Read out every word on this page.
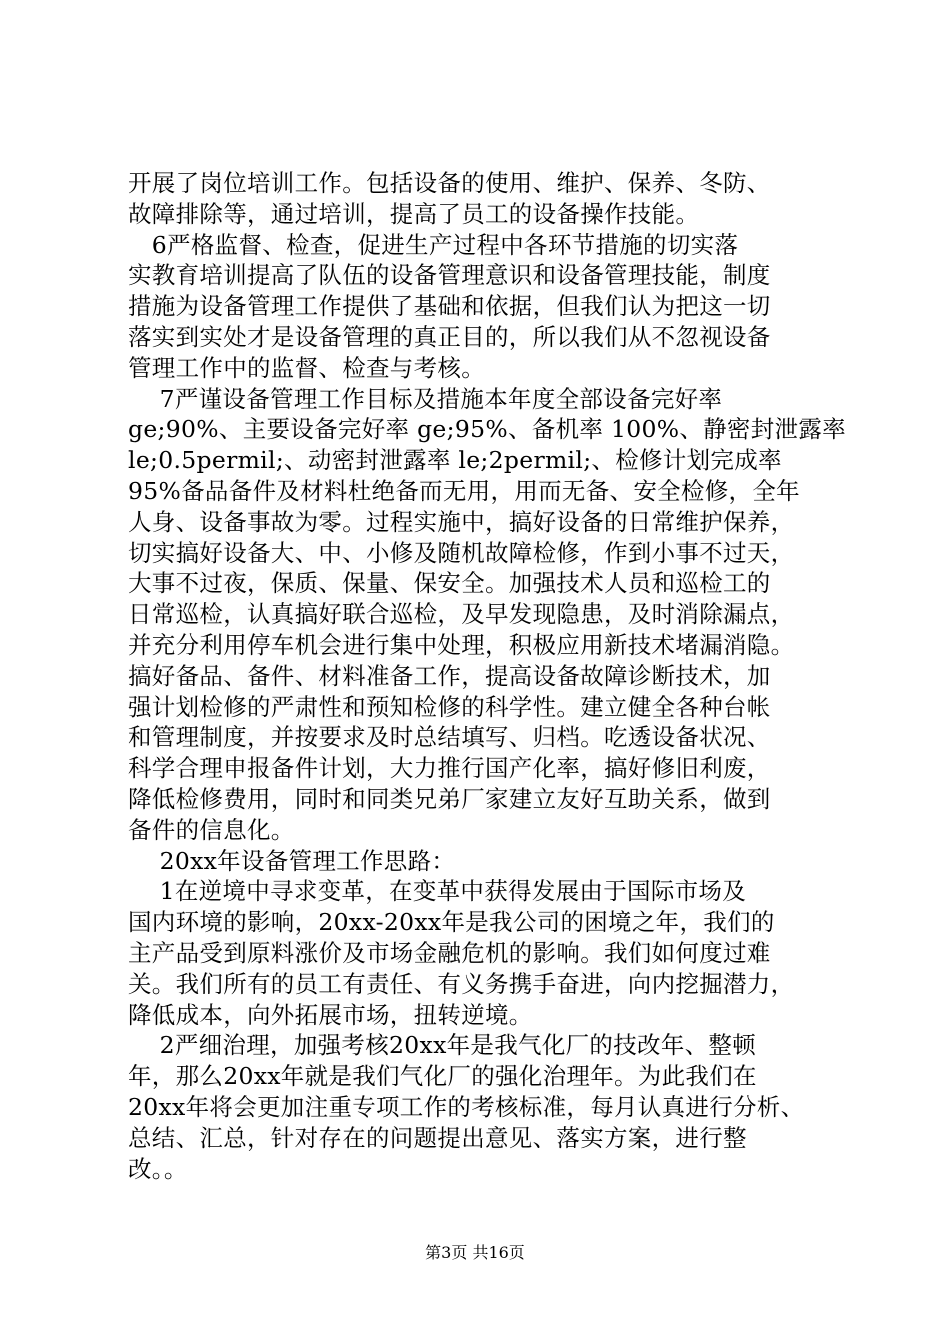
开展了岗位培训工作。包括设备的使用、维护、保养、冬防、
故障排除等，通过培训，提高了员工的设备操作技能。
　6严格监督、检查，促进生产过程中各环节措施的切实落
实教育培训提高了队伍的设备管理意识和设备管理技能，制度
措施为设备管理工作提供了基础和依据，但我们认为把这一切
落实到实处才是设备管理的真正目的，所以我们从不忽视设备
管理工作中的监督、检查与考核。
　 7严谨设备管理工作目标及措施本年度全部设备完好率
ge;90%、主要设备完好率 ge;95%、备机率 100%、静密封泄露率
le;0.5permil;、动密封泄露率 le;2permil;、检修计划完成率
95%备品备件及材料杜绝备而无用，用而无备、安全检修，全年
人身、设备事故为零。过程实施中，搞好设备的日常维护保养，
切实搞好设备大、中、小修及随机故障检修，作到小事不过天，
大事不过夜，保质、保量、保安全。加强技术人员和巡检工的
日常巡检，认真搞好联合巡检，及早发现隐患，及时消除漏点，
并充分利用停车机会进行集中处理，积极应用新技术堵漏消隐。
搞好备品、备件、材料准备工作，提高设备故障诊断技术，加
强计划检修的严肃性和预知检修的科学性。建立健全各种台帐
和管理制度，并按要求及时总结填写、归档。吃透设备状况、
科学合理申报备件计划，大力推行国产化率，搞好修旧利废，
降低检修费用，同时和同类兄弟厂家建立友好互助关系，做到
备件的信息化。
　 20xx年设备管理工作思路：
　 1在逆境中寻求变革，在变革中获得发展由于国际市场及
国内环境的影响，20xx-20xx年是我公司的困境之年，我们的
主产品受到原料涨价及市场金融危机的影响。我们如何度过难
关。我们所有的员工有责任、有义务携手奋进，向内挖掘潜力，
降低成本，向外拓展市场，扭转逆境。
　 2严细治理，加强考核20xx年是我气化厂的技改年、整顿
年，那么20xx年就是我们气化厂的强化治理年。为此我们在
20xx年将会更加注重专项工作的考核标准，每月认真进行分析、
总结、汇总，针对存在的问题提出意见、落实方案，进行整
改。。
第3页 共16页
